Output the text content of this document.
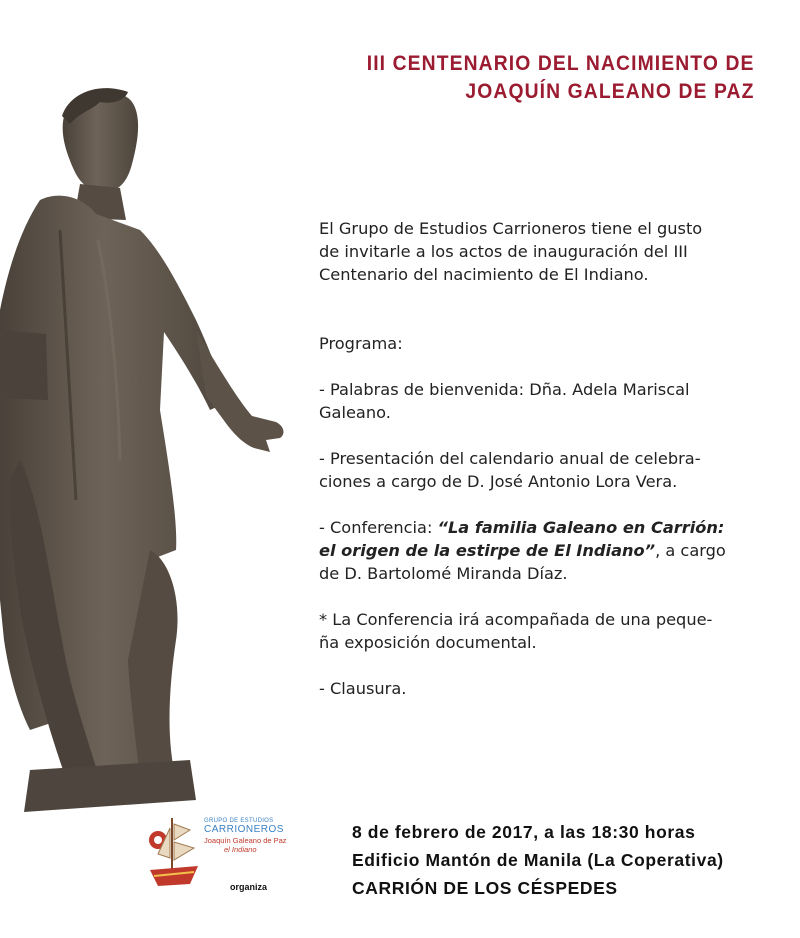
III CENTENARIO DEL NACIMIENTO DE
JOAQUÍN GALEANO DE PAZ

El Grupo de Estudios Carrioneros tiene el gusto

de invitarle a los actos de inauguración del III

Centenario del nacimiento de El Indiano.

Programa:

- Palabras de bienvenida: Dña. Adela Mariscal

Galeano.

- Presentación del calendario anual de celebra-

ciones a cargo de D. José Antonio Lora Vera.

- Conferencia: “La familia Galeano en Carrión:

el origen de la estirpe de El Indiano”, a cargo

de D. Bartolomé Miranda Díaz.

* La Conferencia irá acompañada de una peque-

ña exposición documental.

- Clausura.

GRUPO DE ESTUDIOS
CARRIONEROS
Joaquín Galeano de Paz
el Indiano
organiza
8 de febrero de 2017, a las 18:30 horas
Edificio Mantón de Manila (La Coperativa)
CARRIÓN DE LOS CÉSPEDES
